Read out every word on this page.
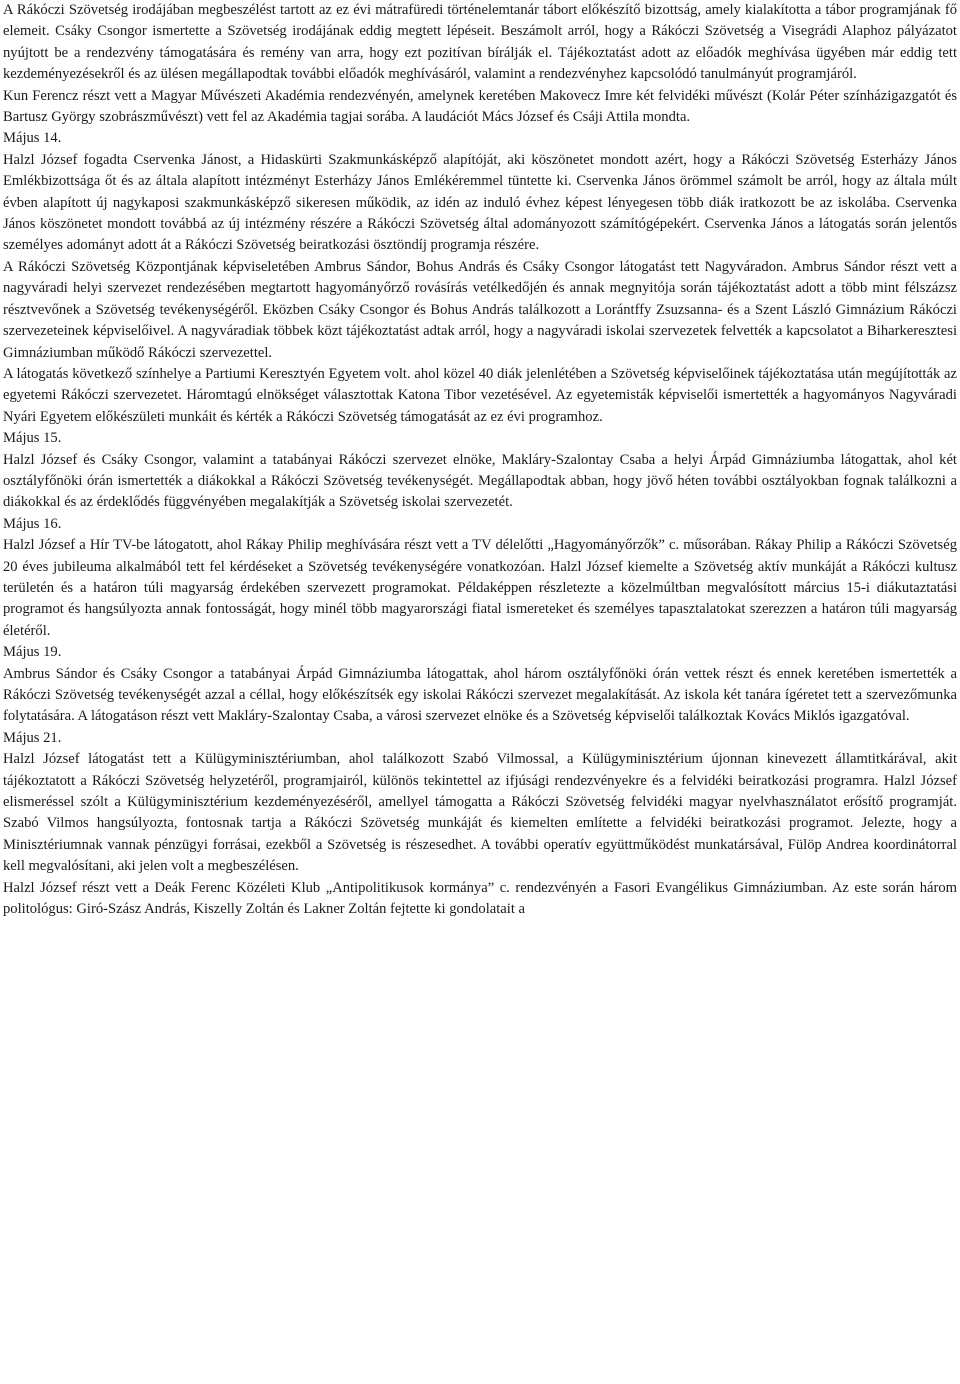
A Rákóczi Szövetség irodájában megbeszélést tartott az ez évi mátrafüredi történelemtanár tábort előkészítő bizottság, amely kialakította a tábor programjának fő elemeit. Csáky Csongor ismertette a Szövetség irodájának eddig megtett lépéseit. Beszámolt arról, hogy a Rákóczi Szövetség a Visegrádi Alaphoz pályázatot nyújtott be a rendezvény támogatására és remény van arra, hogy ezt pozitívan bírálják el. Tájékoztatást adott az előadók meghívása ügyében már eddig tett kezdeményezésekről és az ülésen megállapodtak további előadók meghívásáról, valamint a rendezvényhez kapcsolódó tanulmányút programjáról.

Kun Ferencz részt vett a Magyar Művészeti Akadémia rendezvényén, amelynek keretében Makovecz Imre két felvidéki művészt (Kolár Péter színházigazgatót és Bartusz György szobrászművészt) vett fel az Akadémia tagjai sorába. A laudációt Mács József és Csáji Attila mondta.

Május 14.

Halzl József fogadta Cservenka Jánost, a Hidaskürti Szakmunkásképző alapítóját, aki köszönetet mondott azért, hogy a Rákóczi Szövetség Esterházy János Emlékbizottsága őt és az általa alapított intézményt Esterházy János Emlékéremmel tüntette ki. Cservenka János örömmel számolt be arról, hogy az általa múlt évben alapított új nagykaposi szakmunkásképző sikeresen működik, az idén az induló évhez képest lényegesen több diák iratkozott be az iskolába. Cservenka János köszönetet mondott továbbá az új intézmény részére a Rákóczi Szövetség által adományozott számítógépekért. Cservenka János a látogatás során jelentős személyes adományt adott át a Rákóczi Szövetség beiratkozási ösztöndíj programja részére.

A Rákóczi Szövetség Központjának képviseletében Ambrus Sándor, Bohus András és Csáky Csongor látogatást tett Nagyváradon. Ambrus Sándor részt vett a nagyváradi helyi szervezet rendezésében megtartott hagyományőrző rovásírás vetélkedőjén és annak megnyitója során tájékoztatást adott a több mint félszázsz résztvevőnek a Szövetség tevékenységéről. Eközben Csáky Csongor és Bohus András találkozott a Lorántffy Zsuzsanna- és a Szent László Gimnázium Rákóczi szervezeteinek képviselőivel. A nagyváradiak többek közt tájékoztatást adtak arról, hogy a nagyváradi iskolai szervezetek felvették a kapcsolatot a Biharkeresztesi Gimnáziumban működő Rákóczi szervezettel.

A látogatás következő színhelye a Partiumi Keresztyén Egyetem volt. ahol közel 40 diák jelenlétében a Szövetség képviselőinek tájékoztatása után megújították az egyetemi Rákóczi szervezetet. Háromtagú elnökséget választottak Katona Tibor vezetésével. Az egyetemisták képviselői ismertették a hagyományos Nagyváradi Nyári Egyetem előkészületi munkáit és kérték a Rákóczi Szövetség támogatását az ez évi programhoz.

Május 15.

Halzl József és Csáky Csongor, valamint a tatabányai Rákóczi szervezet elnöke, Makláry-Szalontay Csaba a helyi Árpád Gimnáziumba látogattak, ahol két osztályfőnöki órán ismertették a diákokkal a Rákóczi Szövetség tevékenységét. Megállapodtak abban, hogy jövő héten további osztályokban fognak találkozni a diákokkal és az érdeklődés függvényében megalakítják a Szövetség iskolai szervezetét.

Május 16.

Halzl József a Hír TV-be látogatott, ahol Rákay Philip meghívására részt vett a TV délelőtti „Hagyományőrzők” c. műsorában. Rákay Philip a Rákóczi Szövetség 20 éves jubileuma alkalmából tett fel kérdéseket a Szövetség tevékenységére vonatkozóan. Halzl József kiemelte a Szövetség aktív munkáját a Rákóczi kultusz területén és a határon túli magyarság érdekében szervezett programokat. Példaképpen részletezte a közelmúltban megvalósított március 15-i diákutaztatási programot és hangsúlyozta annak fontosságát, hogy minél több magyarországi fiatal ismereteket és személyes tapasztalatokat szerezzen a határon túli magyarság életéről.

Május 19.

Ambrus Sándor és Csáky Csongor a tatabányai Árpád Gimnáziumba látogattak, ahol három osztályfőnöki órán vettek részt és ennek keretében ismertették a Rákóczi Szövetség tevékenységét azzal a céllal, hogy előkészítsék egy iskolai Rákóczi szervezet megalakítását. Az iskola két tanára ígéretet tett a szervezőmunka folytatására. A látogatáson részt vett Makláry-Szalontay Csaba, a városi szervezet elnöke és a Szövetség képviselői találkoztak Kovács Miklós igazgatóval.

Május 21.

Halzl József látogatást tett a Külügyminisztériumban, ahol találkozott Szabó Vilmossal, a Külügyminisztérium újonnan kinevezett államtitkárával, akit tájékoztatott a Rákóczi Szövetség helyzetéről, programjairól, különös tekintettel az ifjúsági rendezvényekre és a felvidéki beiratkozási programra. Halzl József elismeréssel szólt a Külügyminisztérium kezdeményezéséről, amellyel támogatta a Rákóczi Szövetség felvidéki magyar nyelvhasználatot erősítő programját. Szabó Vilmos hangsúlyozta, fontosnak tartja a Rákóczi Szövetség munkáját és kiemelten említette a felvidéki beiratkozási programot. Jelezte, hogy a Minisztériumnak vannak pénzügyi forrásai, ezekből a Szövetség is részesedhet. A további operatív együttműködést munkatársával, Fülöp Andrea koordinátorral kell megvalósítani, aki jelen volt a megbeszélésen.

Halzl József részt vett a Deák Ferenc Közéleti Klub „Antipolitikusok kormánya” c. rendezvényén a Fasori Evangélikus Gimnáziumban. Az este során három politológus: Giró-Szász András, Kiszelly Zoltán és Lakner Zoltán fejtette ki gondolatait a
